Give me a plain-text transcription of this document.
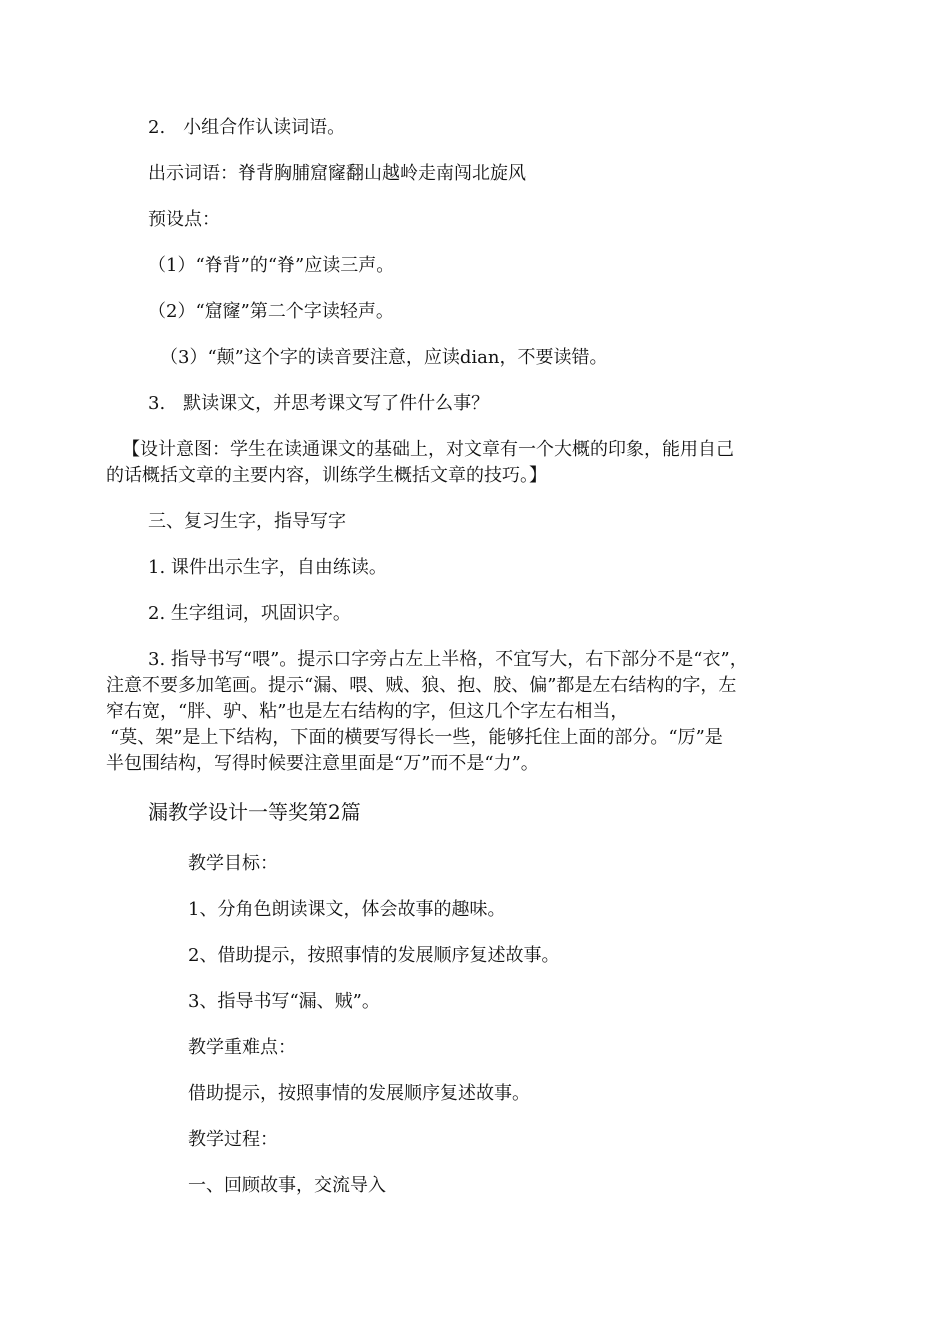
2.　小组合作认读词语。

出示词语：脊背胸脯窟窿翻山越岭走南闯北旋风

预设点：

（1）“脊背”的“脊”应读三声。

（2）“窟窿”第二个字读轻声。

（3）“颠”这个字的读音要注意，应读dian，不要读错。

3.　默读课文，并思考课文写了件什么事？

【设计意图：学生在读通课文的基础上，对文章有一个大概的印象，能用自己

的话概括文章的主要内容，训练学生概括文章的技巧。】

三、复习生字，指导写字

1. 课件出示生字，自由练读。

2. 生字组词，巩固识字。

3. 指导书写“喂”。提示口字旁占左上半格，不宜写大，右下部分不是“衣”，

注意不要多加笔画。提示“漏、喂、贼、狼、抱、胶、偏”都是左右结构的字，左

窄右宽，“胖、驴、粘”也是左右结构的字，但这几个字左右相当，

“莫、架”是上下结构，下面的横要写得长一些，能够托住上面的部分。“厉”是

半包围结构，写得时候要注意里面是“万”而不是“力”。

漏教学设计一等奖第2篇

教学目标：

1、分角色朗读课文，体会故事的趣味。

2、借助提示，按照事情的发展顺序复述故事。

3、指导书写“漏、贼”。

教学重难点：

借助提示，按照事情的发展顺序复述故事。

教学过程：

一、回顾故事，交流导入
